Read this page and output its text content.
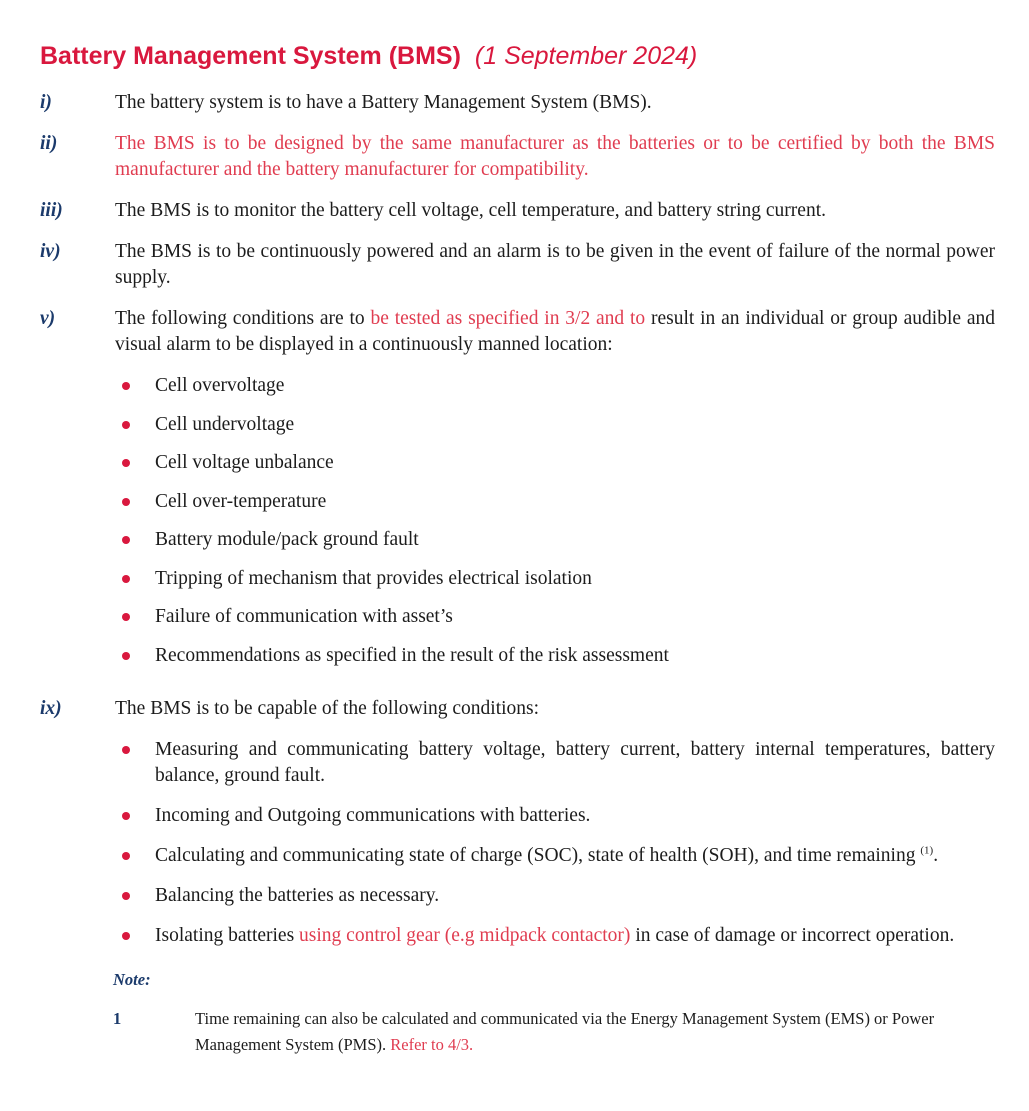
Battery Management System (BMS) (1 September 2024)
i)	The battery system is to have a Battery Management System (BMS).

ii)	The BMS is to be designed by the same manufacturer as the batteries or to be certified by both the BMS manufacturer and the battery manufacturer for compatibility.

iii)	The BMS is to monitor the battery cell voltage, cell temperature, and battery string current.

iv)	The BMS is to be continuously powered and an alarm is to be given in the event of failure of the normal power supply.

v)	The following conditions are to be tested as specified in 3/2 and to result in an individual or group audible and visual alarm to be displayed in a continuously manned location:

Cell overvoltage

Cell undervoltage

Cell voltage unbalance

Cell over-temperature

Battery module/pack ground fault

Tripping of mechanism that provides electrical isolation

Failure of communication with asset’s

Recommendations as specified in the result of the risk assessment

ix)	The BMS is to be capable of the following conditions:

Measuring and communicating battery voltage, battery current, battery internal temperatures, battery balance, ground fault.

Incoming and Outgoing communications with batteries.

Calculating and communicating state of charge (SOC), state of health (SOH), and time remaining $^{(1)}$.

Balancing the batteries as necessary.

Isolating batteries using control gear (e.g midpack contactor) in case of damage or incorrect operation.

Note:
1	Time remaining can also be calculated and communicated via the Energy Management System (EMS) or Power Management System (PMS). Refer to 4/3.
